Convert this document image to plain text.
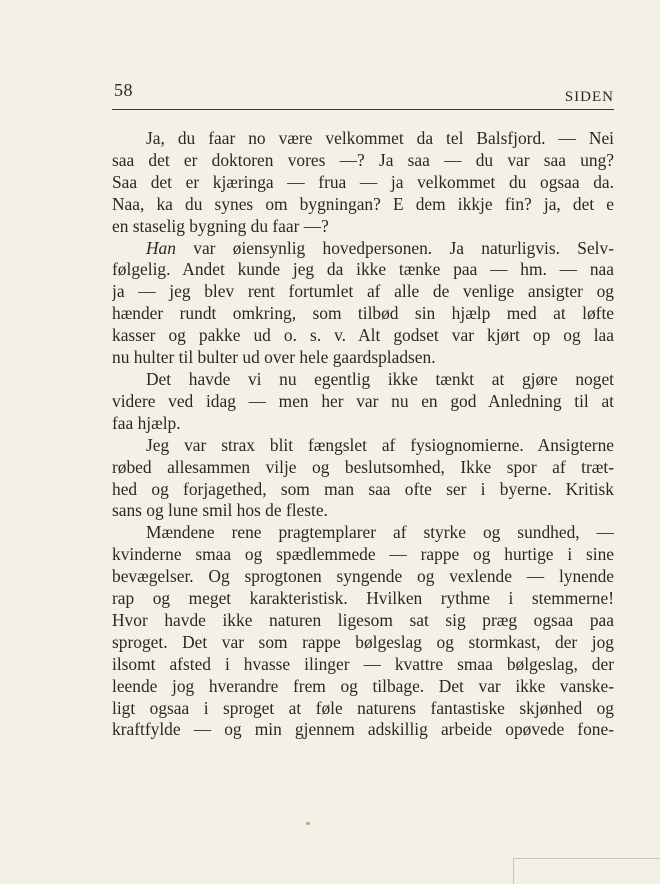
58	SIDEN
Ja, du faar no være velkommet da tel Balsfjord. — Nei
saa det er doktoren vores —? Ja saa — du var saa ung?
Saa det er kjæringa — frua — ja velkommet du ogsaa da.
Naa, ka du synes om bygningan? E dem ikkje fin? ja, det e
en staselig bygning du faar —?
Han var øiensynlig hovedpersonen. Ja naturligvis. Selv-
følgelig. Andet kunde jeg da ikke tænke paa — hm. — naa
ja — jeg blev rent fortumlet af alle de venlige ansigter og
hænder rundt omkring, som tilbød sin hjælp med at løfte
kasser og pakke ud o. s. v. Alt godset var kjørt op og laa
nu hulter til bulter ud over hele gaardspladsen.
Det havde vi nu egentlig ikke tænkt at gjøre noget
videre ved idag — men her var nu en god Anledning til at
faa hjælp.
Jeg var strax blit fængslet af fysiognomierne. Ansigterne
røbed allesammen vilje og beslutsomhed, Ikke spor af træt-
hed og forjagethed, som man saa ofte ser i byerne. Kritisk
sans og lune smil hos de fleste.
Mændene rene pragtemplarer af styrke og sundhed, —
kvinderne smaa og spædlemmede — rappe og hurtige i sine
bevægelser. Og sprogtonen syngende og vexlende — lynende
rap og meget karakteristisk. Hvilken rythme i stemmerne!
Hvor havde ikke naturen ligesom sat sig præg ogsaa paa
sproget. Det var som rappe bølgeslag og stormkast, der jog
ilsomt afsted i hvasse ilinger — kvattre smaa bølgeslag, der
leende jog hverandre frem og tilbage. Det var ikke vanske-
ligt ogsaa i sproget at føle naturens fantastiske skjønhed og
kraftfylde — og min gjennem adskillig arbeide opøvede fone-
